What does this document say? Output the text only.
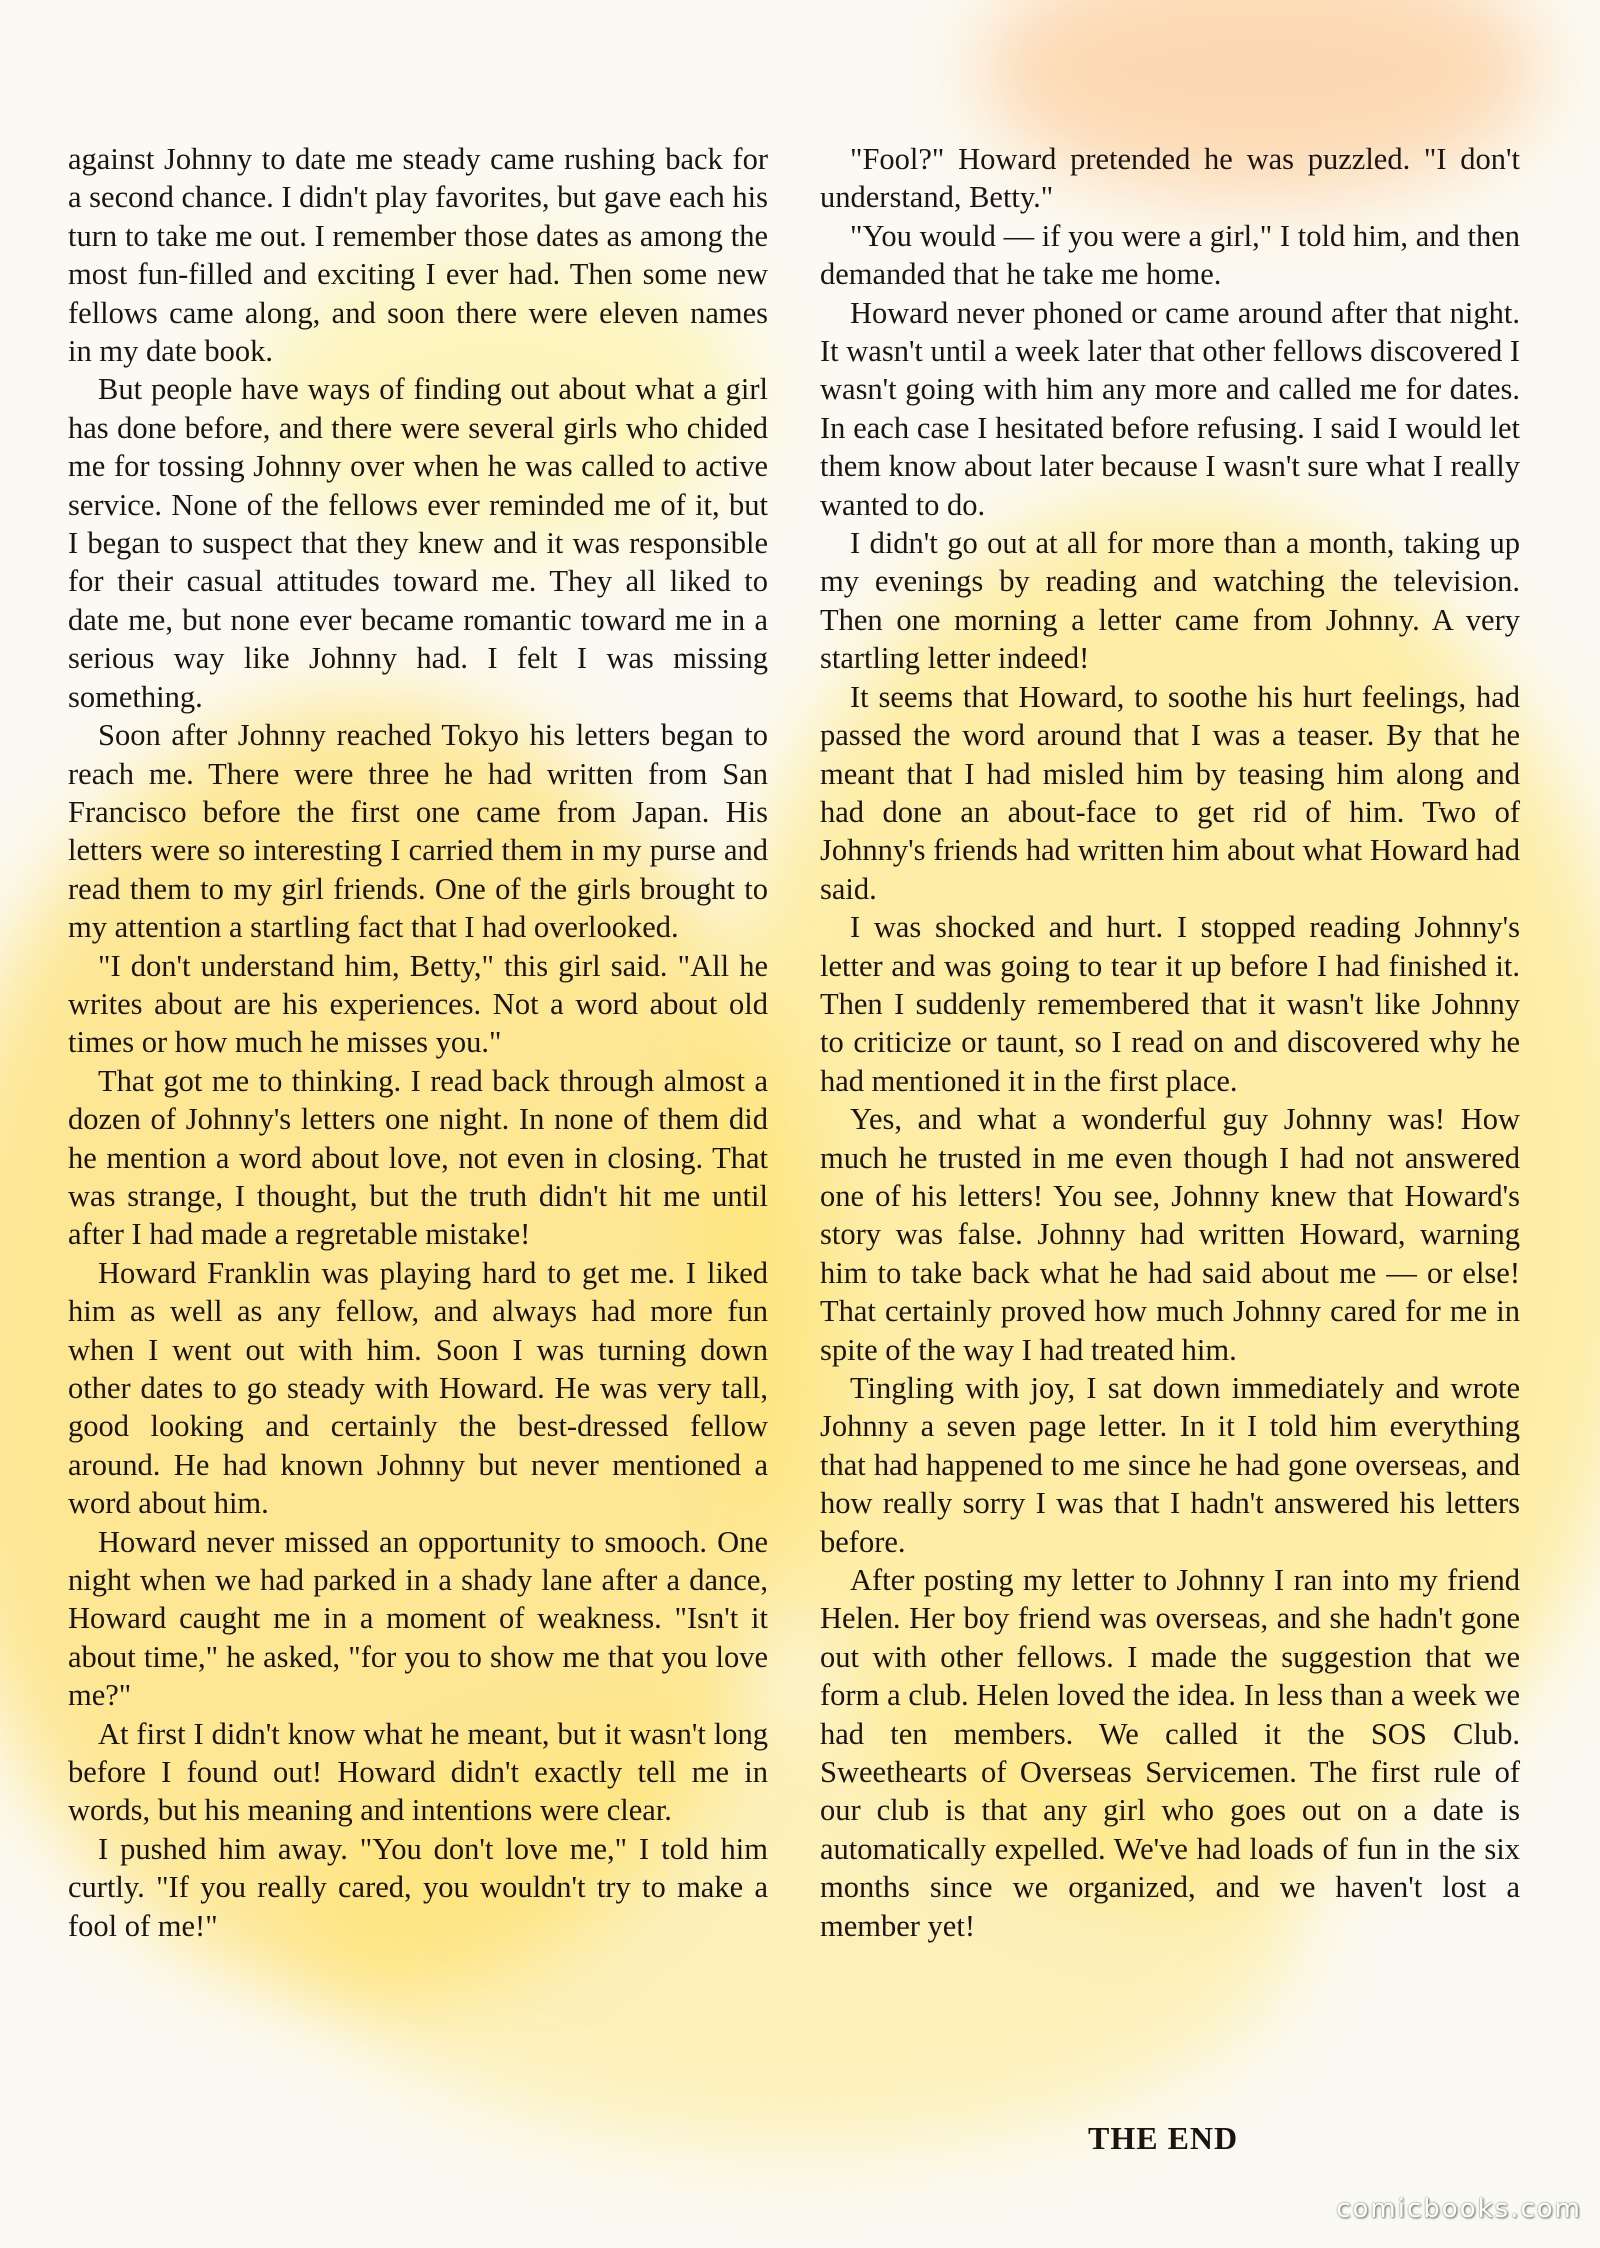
against Johnny to date me steady came rushing back for a second chance. I didn't play favorites, but gave each his turn to take me out. I remember those dates as among the most fun-filled and exciting I ever had. Then some new fellows came along, and soon there were eleven names in my date book.

But people have ways of finding out about what a girl has done before, and there were several girls who chided me for tossing Johnny over when he was called to active service. None of the fellows ever reminded me of it, but I began to suspect that they knew and it was responsible for their casual attitudes toward me. They all liked to date me, but none ever became romantic toward me in a serious way like Johnny had. I felt I was missing something.

Soon after Johnny reached Tokyo his letters began to reach me. There were three he had written from San Francisco before the first one came from Japan. His letters were so interesting I carried them in my purse and read them to my girl friends. One of the girls brought to my attention a startling fact that I had overlooked.

"I don't understand him, Betty," this girl said. "All he writes about are his experiences. Not a word about old times or how much he misses you."

That got me to thinking. I read back through almost a dozen of Johnny's letters one night. In none of them did he mention a word about love, not even in closing. That was strange, I thought, but the truth didn't hit me until after I had made a regretable mistake!

Howard Franklin was playing hard to get me. I liked him as well as any fellow, and always had more fun when I went out with him. Soon I was turning down other dates to go steady with Howard. He was very tall, good looking and certainly the best-dressed fellow around. He had known Johnny but never mentioned a word about him.

Howard never missed an opportunity to smooch. One night when we had parked in a shady lane after a dance, Howard caught me in a moment of weakness. "Isn't it about time," he asked, "for you to show me that you love me?"

At first I didn't know what he meant, but it wasn't long before I found out! Howard didn't exactly tell me in words, but his meaning and intentions were clear.

I pushed him away. "You don't love me," I told him curtly. "If you really cared, you wouldn't try to make a fool of me!"

"Fool?" Howard pretended he was puzzled. "I don't understand, Betty."

"You would — if you were a girl," I told him, and then demanded that he take me home.

Howard never phoned or came around after that night. It wasn't until a week later that other fellows discovered I wasn't going with him any more and called me for dates. In each case I hesitated before refusing. I said I would let them know about later because I wasn't sure what I really wanted to do.

I didn't go out at all for more than a month, taking up my evenings by reading and watching the television. Then one morning a letter came from Johnny. A very startling letter indeed!

It seems that Howard, to soothe his hurt feelings, had passed the word around that I was a teaser. By that he meant that I had misled him by teasing him along and had done an about-face to get rid of him. Two of Johnny's friends had written him about what Howard had said.

I was shocked and hurt. I stopped reading Johnny's letter and was going to tear it up before I had finished it. Then I suddenly remembered that it wasn't like Johnny to criticize or taunt, so I read on and discovered why he had mentioned it in the first place.

Yes, and what a wonderful guy Johnny was! How much he trusted in me even though I had not answered one of his letters! You see, Johnny knew that Howard's story was false. Johnny had written Howard, warning him to take back what he had said about me — or else! That certainly proved how much Johnny cared for me in spite of the way I had treated him.

Tingling with joy, I sat down immediately and wrote Johnny a seven page letter. In it I told him everything that had happened to me since he had gone overseas, and how really sorry I was that I hadn't answered his letters before.

After posting my letter to Johnny I ran into my friend Helen. Her boy friend was overseas, and she hadn't gone out with other fellows. I made the suggestion that we form a club. Helen loved the idea. In less than a week we had ten members. We called it the SOS Club. Sweethearts of Overseas Servicemen. The first rule of our club is that any girl who goes out on a date is automatically expelled. We've had loads of fun in the six months since we organized, and we haven't lost a member yet!

THE END
comicbooks.com
